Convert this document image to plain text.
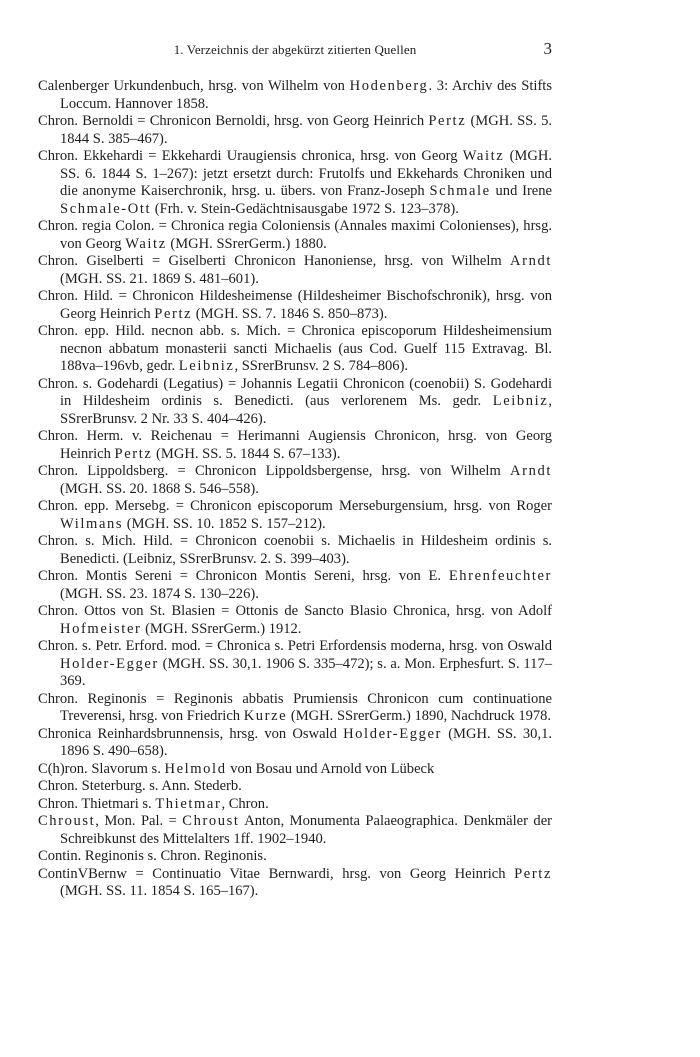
1. Verzeichnis der abgekürzt zitierten Quellen	3
Calenberger Urkundenbuch, hrsg. von Wilhelm von Hodenberg. 3: Archiv des Stifts Loccum. Hannover 1858.
Chron. Bernoldi = Chronicon Bernoldi, hrsg. von Georg Heinrich Pertz (MGH. SS. 5. 1844 S. 385–467).
Chron. Ekkehardi = Ekkehardi Uraugiensis chronica, hrsg. von Georg Waitz (MGH. SS. 6. 1844 S. 1–267): jetzt ersetzt durch: Frutolfs und Ekkehards Chroniken und die anonyme Kaiserchronik, hrsg. u. übers. von Franz-Joseph Schmale und Irene Schmale-Ott (Frh. v. Stein-Gedächtnisausgabe 1972 S. 123–378).
Chron. regia Colon. = Chronica regia Coloniensis (Annales maximi Colonienses), hrsg. von Georg Waitz (MGH. SSrerGerm.) 1880.
Chron. Giselberti = Giselberti Chronicon Hanoniense, hrsg. von Wilhelm Arndt (MGH. SS. 21. 1869 S. 481–601).
Chron. Hild. = Chronicon Hildesheimense (Hildesheimer Bischofschronik), hrsg. von Georg Heinrich Pertz (MGH. SS. 7. 1846 S. 850–873).
Chron. epp. Hild. necnon abb. s. Mich. = Chronica episcoporum Hildesheimensium necnon abbatum monasterii sancti Michaelis (aus Cod. Guelf 115 Extravag. Bl. 188va–196vb, gedr. Leibniz, SSrerBrunsv. 2 S. 784–806).
Chron. s. Godehardi (Legatius) = Johannis Legatii Chronicon (coenobii) S. Godehardi in Hildesheim ordinis s. Benedicti. (aus verlorenem Ms. gedr. Leibniz, SSrerBrunsv. 2 Nr. 33 S. 404–426).
Chron. Herm. v. Reichenau = Herimanni Augiensis Chronicon, hrsg. von Georg Heinrich Pertz (MGH. SS. 5. 1844 S. 67–133).
Chron. Lippoldsberg. = Chronicon Lippoldsbergense, hrsg. von Wilhelm Arndt (MGH. SS. 20. 1868 S. 546–558).
Chron. epp. Mersebg. = Chronicon episcoporum Merseburgensium, hrsg. von Roger Wilmans (MGH. SS. 10. 1852 S. 157–212).
Chron. s. Mich. Hild. = Chronicon coenobii s. Michaelis in Hildesheim ordinis s. Benedicti. (Leibniz, SSrerBrunsv. 2. S. 399–403).
Chron. Montis Sereni = Chronicon Montis Sereni, hrsg. von E. Ehrenfeuchter (MGH. SS. 23. 1874 S. 130–226).
Chron. Ottos von St. Blasien = Ottonis de Sancto Blasio Chronica, hrsg. von Adolf Hofmeister (MGH. SSrerGerm.) 1912.
Chron. s. Petr. Erford. mod. = Chronica s. Petri Erfordensis moderna, hrsg. von Oswald Holder-Egger (MGH. SS. 30,1. 1906 S. 335–472); s. a. Mon. Erphesfurt. S. 117–369.
Chron. Reginonis = Reginonis abbatis Prumiensis Chronicon cum continuatione Treverensi, hrsg. von Friedrich Kurze (MGH. SSrerGerm.) 1890, Nachdruck 1978.
Chronica Reinhardsbrunnensis, hrsg. von Oswald Holder-Egger (MGH. SS. 30,1. 1896 S. 490–658).
C(h)ron. Slavorum s. Helmold von Bosau und Arnold von Lübeck
Chron. Steterburg. s. Ann. Stederb.
Chron. Thietmari s. Thietmar, Chron.
Chroust, Mon. Pal. = Chroust Anton, Monumenta Palaeographica. Denkmäler der Schreibkunst des Mittelalters 1ff. 1902–1940.
Contin. Reginonis s. Chron. Reginonis.
ContinVBernw = Continuatio Vitae Bernwardi, hrsg. von Georg Heinrich Pertz (MGH. SS. 11. 1854 S. 165–167).
